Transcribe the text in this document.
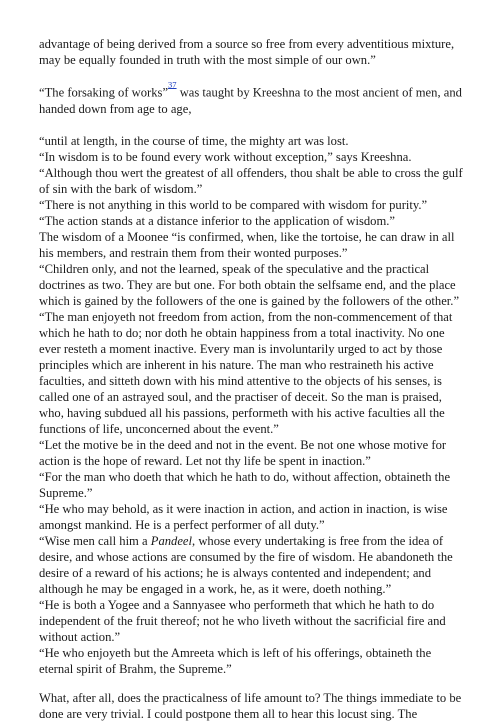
advantage of being derived from a source so free from every adventitious mixture, may be equally founded in truth with the most simple of our own.”

“The forsaking of works”$^{^{37}}$ was taught by Kreeshna to the most ancient of men, and handed down from age to age,

“until at length, in the course of time, the mighty art was lost.

“In wisdom is to be found every work without exception,” says Kreeshna.

“Although thou wert the greatest of all offenders, thou shalt be able to cross the gulf of sin with the bark of wisdom.”

“There is not anything in this world to be compared with wisdom for purity.”

“The action stands at a distance inferior to the application of wisdom.”

The wisdom of a Moonee “is confirmed, when, like the tortoise, he can draw in all his members, and restrain them from their wonted purposes.”

“Children only, and not the learned, speak of the speculative and the practical doctrines as two. They are but one. For both obtain the selfsame end, and the place which is gained by the followers of the one is gained by the followers of the other.”

“The man enjoyeth not freedom from action, from the non-commencement of that which he hath to do; nor doth he obtain happiness from a total inactivity. No one ever resteth a moment inactive. Every man is involuntarily urged to act by those principles which are inherent in his nature. The man who restraineth his active faculties, and sitteth down with his mind attentive to the objects of his senses, is called one of an astrayed soul, and the practiser of deceit. So the man is praised, who, having subdued all his passions, performeth with his active faculties all the functions of life, unconcerned about the event.”

“Let the motive be in the deed and not in the event. Be not one whose motive for action is the hope of reward. Let not thy life be spent in inaction.”

“For the man who doeth that which he hath to do, without affection, obtaineth the Supreme.”

“He who may behold, as it were inaction in action, and action in inaction, is wise amongst mankind. He is a perfect performer of all duty.”

“Wise men call him a Pandeel, whose every undertaking is free from the idea of desire, and whose actions are consumed by the fire of wisdom. He abandoneth the desire of a reward of his actions; he is always contented and independent; and although he may be engaged in a work, he, as it were, doeth nothing.”

“He is both a Yogee and a Sannyasee who performeth that which he hath to do independent of the fruit thereof; not he who liveth without the sacrificial fire and without action.”

“He who enjoyeth but the Amreeta which is left of his offerings, obtaineth the eternal spirit of Brahm, the Supreme.”

What, after all, does the practicalness of life amount to? The things immediate to be done are very trivial. I could postpone them all to hear this locust sing. The
